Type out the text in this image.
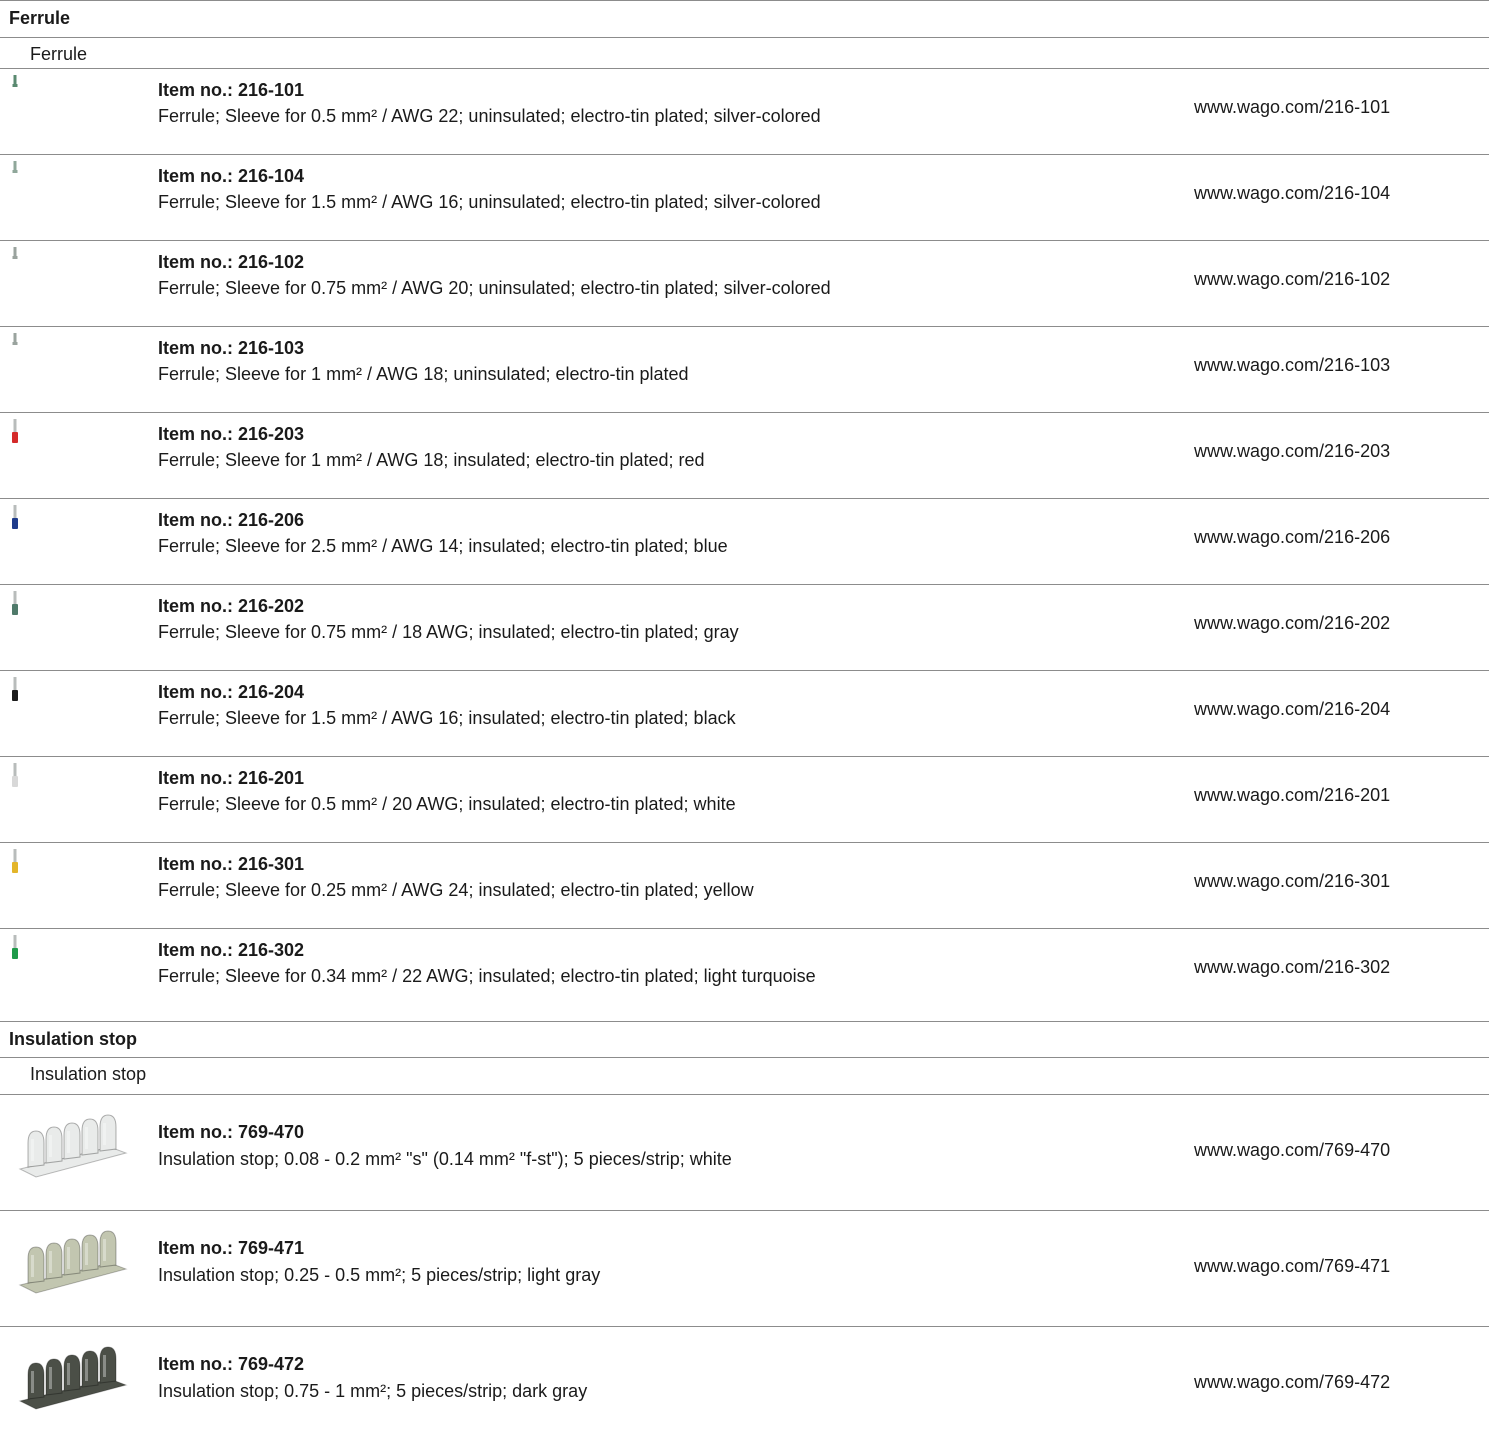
Ferrule
Ferrule
Item no.: 216-101
Ferrule; Sleeve for 0.5 mm² / AWG 22; uninsulated; electro-tin plated; silver-colored	www.wago.com/216-101
Item no.: 216-104
Ferrule; Sleeve for 1.5 mm² / AWG 16; uninsulated; electro-tin plated; silver-colored	www.wago.com/216-104
Item no.: 216-102
Ferrule; Sleeve for 0.75 mm² / AWG 20; uninsulated; electro-tin plated; silver-colored	www.wago.com/216-102
Item no.: 216-103
Ferrule; Sleeve for 1 mm² / AWG 18; uninsulated; electro-tin plated	www.wago.com/216-103
Item no.: 216-203
Ferrule; Sleeve for 1 mm² / AWG 18; insulated; electro-tin plated; red	www.wago.com/216-203
Item no.: 216-206
Ferrule; Sleeve for 2.5 mm² / AWG 14; insulated; electro-tin plated; blue	www.wago.com/216-206
Item no.: 216-202
Ferrule; Sleeve for 0.75 mm² / 18 AWG; insulated; electro-tin plated; gray	www.wago.com/216-202
Item no.: 216-204
Ferrule; Sleeve for 1.5 mm² / AWG 16; insulated; electro-tin plated; black	www.wago.com/216-204
Item no.: 216-201
Ferrule; Sleeve for 0.5 mm² / 20 AWG; insulated; electro-tin plated; white	www.wago.com/216-201
Item no.: 216-301
Ferrule; Sleeve for 0.25 mm² / AWG 24; insulated; electro-tin plated; yellow	www.wago.com/216-301
Item no.: 216-302
Ferrule; Sleeve for 0.34 mm² / 22 AWG; insulated; electro-tin plated; light turquoise	www.wago.com/216-302
Insulation stop
Insulation stop
Item no.: 769-470
Insulation stop; 0.08 - 0.2 mm² "s" (0.14 mm² "f-st"); 5 pieces/strip; white	www.wago.com/769-470
Item no.: 769-471
Insulation stop; 0.25 - 0.5 mm²; 5 pieces/strip; light gray	www.wago.com/769-471
Item no.: 769-472
Insulation stop; 0.75 - 1 mm²; 5 pieces/strip; dark gray	www.wago.com/769-472
